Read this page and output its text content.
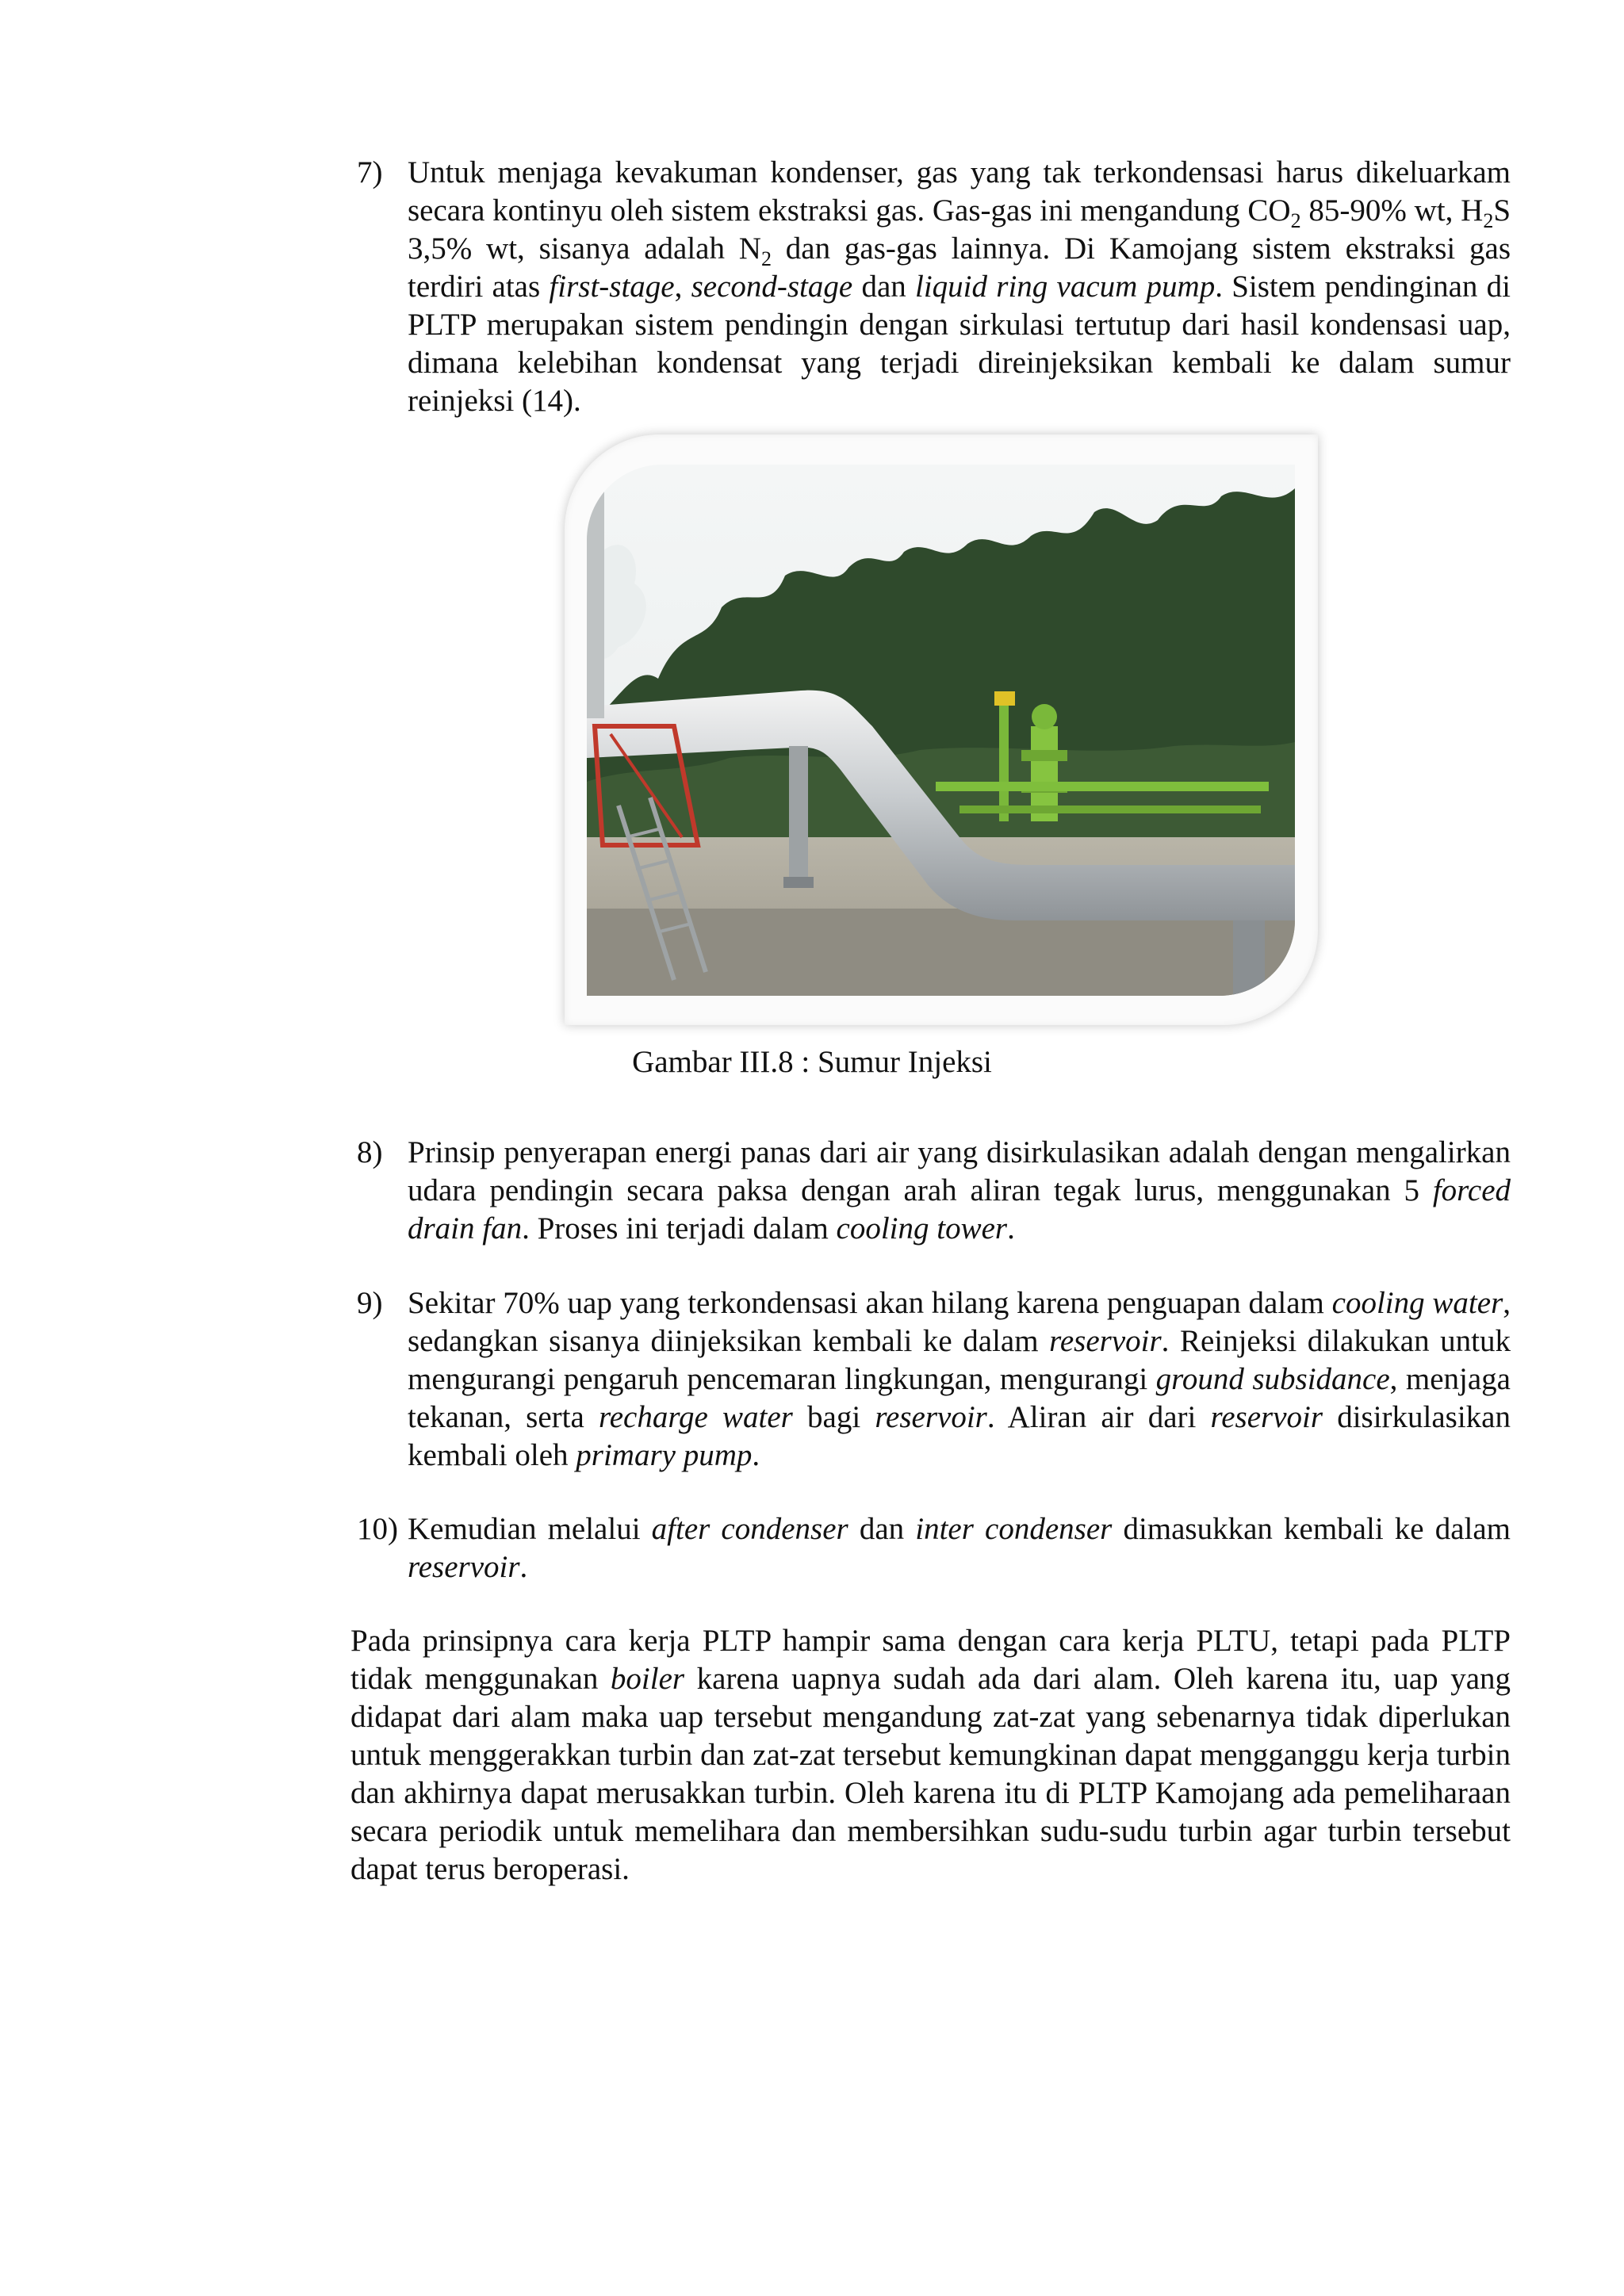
7) Untuk menjaga kevakuman kondenser, gas yang tak terkondensasi harus dikeluarkam secara kontinyu oleh sistem ekstraksi gas. Gas-gas ini mengandung $CO_2$ 85-90% wt, $H_2S$ 3,5% wt, sisanya adalah $N_2$ dan gas-gas lainnya. Di Kamojang sistem ekstraksi gas terdiri atas first-stage, second-stage dan liquid ring vacum pump. Sistem pendinginan di PLTP merupakan sistem pendingin dengan sirkulasi tertutup dari hasil kondensasi uap, dimana kelebihan kondensat yang terjadi direinjeksikan kembali ke dalam sumur reinjeksi (14).
Gambar III.8 : Sumur Injeksi
8) Prinsip penyerapan energi panas dari air yang disirkulasikan adalah dengan mengalirkan udara pendingin secara paksa dengan arah aliran tegak lurus, menggunakan 5 forced drain fan. Proses ini terjadi dalam cooling tower.
9) Sekitar 70% uap yang terkondensasi akan hilang karena penguapan dalam cooling water, sedangkan sisanya diinjeksikan kembali ke dalam reservoir. Reinjeksi dilakukan untuk mengurangi pengaruh pencemaran lingkungan, mengurangi ground subsidance, menjaga tekanan, serta recharge water bagi reservoir. Aliran air dari reservoir disirkulasikan kembali oleh primary pump.
10) Kemudian melalui after condenser dan inter condenser dimasukkan kembali ke dalam reservoir.
Pada prinsipnya cara kerja PLTP hampir sama dengan cara kerja PLTU, tetapi pada PLTP tidak menggunakan boiler karena uapnya sudah ada dari alam. Oleh karena itu, uap yang didapat dari alam maka uap tersebut mengandung zat-zat yang sebenarnya tidak diperlukan untuk menggerakkan turbin dan zat-zat tersebut kemungkinan dapat mengganggu kerja turbin dan akhirnya dapat merusakkan turbin. Oleh karena itu di PLTP Kamojang ada pemeliharaan secara periodik untuk memelihara dan membersihkan sudu-sudu turbin agar turbin tersebut dapat terus beroperasi.
